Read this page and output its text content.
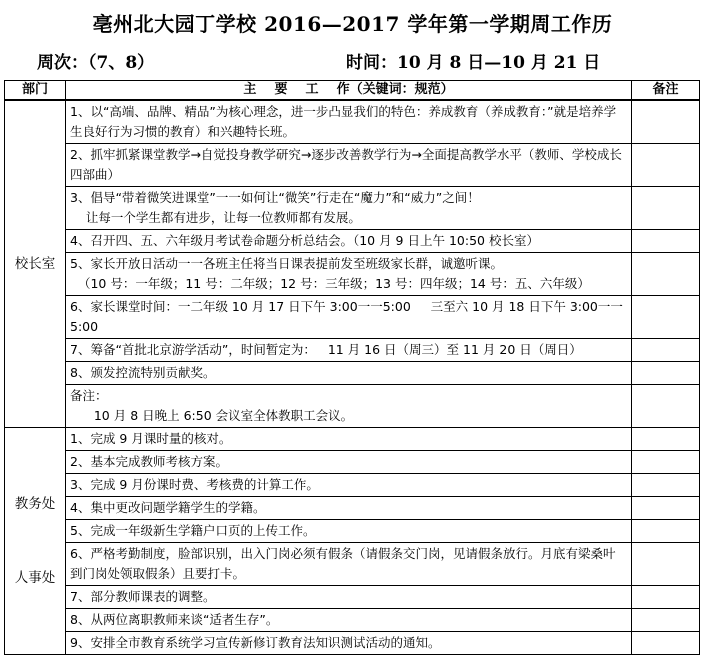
亳州北大园丁学校 2016—2017 学年第一学期周工作历
周次：（7、8）	时间：10 月 8 日—10 月 21 日
部门	主    要    工    作（关键词：规范）	备注
校长室	1、以“高端、品牌、精品”为核心理念，进一步凸显我们的特色：养成教育（养成教育：”就是培养学生良好行为习惯的教育）和兴趣特长班。	
	2、抓牢抓紧课堂教学→自觉投身教学研究→逐步改善教学行为→全面提高教学水平（教师、学校成长四部曲）	
	3、倡导“带着微笑进课堂”一一如何让“微笑”行走在“魔力”和“威力”之间！
让每一个学生都有进步，让每一位教师都有发展。	
	4、召开四、五、六年级月考试卷命题分析总结会。（10 月 9 日上午 10:50 校长室）	
	5、家长开放日活动一一各班主任将当日课表提前发至班级家长群，诚邀听课。
（10 号：一年级；11 号：二年级；12 号：三年级；13 号：四年级；14 号：五、六年级）	
	6、家长课堂时间：一二年级 10 月 17 日下午 3:00一一5:00     三至六 10 月 18 日下午 3:00一一5:00	
	7、筹备“首批北京游学活动”，时间暂定为：   11 月 16 日（周三）至 11 月 20 日（周日）	
	8、颁发控流特别贡献奖。	
	备注：
10 月 8 日晚上 6:50 会议室全体教职工会议。	

教务处
人事处	1、完成 9 月课时量的核对。	
	2、基本完成教师考核方案。	
	3、完成 9 月份课时费、考核费的计算工作。	
	4、集中更改问题学籍学生的学籍。	
	5、完成一年级新生学籍户口页的上传工作。	
	6、严格考勤制度，脸部识别，出入门岗必须有假条（请假条交门岗，见请假条放行。月底有梁桑叶到门岗处领取假条）且要打卡。	
	7、部分教师课表的调整。	
	8、从两位离职教师来谈“适者生存”。	
	9、安排全市教育系统学习宣传新修订教育法知识测试活动的通知。	
